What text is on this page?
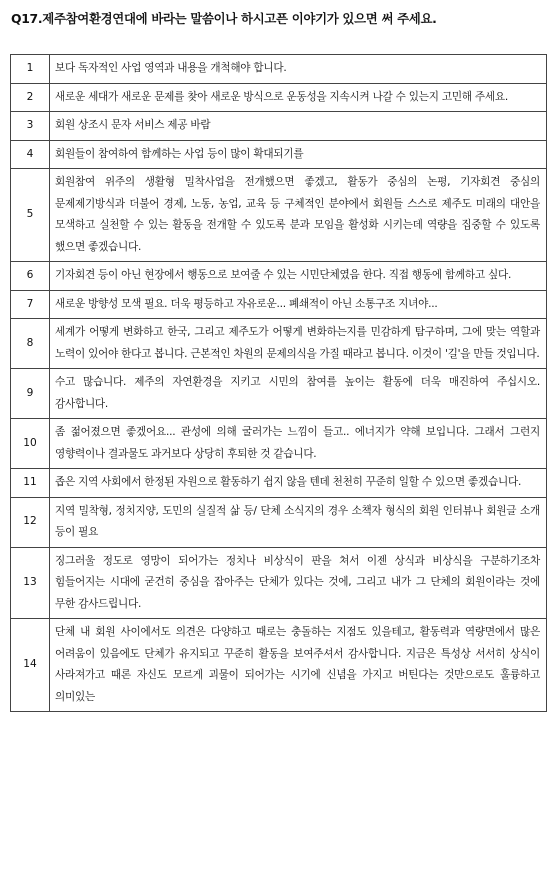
Q17.제주참여환경연대에 바라는 말씀이나 하시고픈 이야기가 있으면 써 주세요.
1	보다 독자적인 사업 영역과 내용을 개척해야 합니다.
2	새로운 세대가 새로운 문제를 찾아 새로운 방식으로 운동성을 지속시켜 나갈 수 있는지 고민해 주세요.
3	회원 상조시 문자 서비스 제공 바람
4	회원들이 참여하여 함께하는 사업 등이 많이 확대되기를
5	회원참여 위주의 생활형 밀착사업을 전개했으면 좋겠고, 활동가 중심의 논평, 기자회견 중심의 문제제기방식과 더불어 경제, 노동, 농업, 교육 등 구체적인 분야에서 회원들 스스로 제주도 미래의 대안을 모색하고 실천할 수 있는 활동을 전개할 수 있도록 분과 모임을 활성화 시키는데 역량을 집중할 수 있도록 했으면 좋겠습니다.
6	기자회견 등이 아닌 현장에서 행동으로 보여줄 수 있는 시민단체였음 한다. 직접 행동에 함께하고 싶다.
7	새로운 방향성 모색 필요. 더욱 평등하고 자유로운... 폐쇄적이 아닌 소통구조 지녀야...
8	세계가 어떻게 변화하고 한국, 그리고 제주도가 어떻게 변화하는지를 민감하게 탐구하며, 그에 맞는 역할과 노력이 있어야 한다고 봅니다. 근본적인 차원의 문제의식을 가질 때라고 봅니다. 이것이 '길'을 만들 것입니다.
9	수고 많습니다. 제주의 자연환경을 지키고 시민의 참여를 높이는 활동에 더욱 매진하여 주십시오. 감사합니다.
10	좀 젊어졌으면 좋겠어요... 관성에 의해 굴러가는 느낌이 들고.. 에너지가 약해 보입니다. 그래서 그런지 영향력이나 결과물도 과거보다 상당히 후퇴한 것 같습니다.
11	좁은 지역 사회에서 한정된 자원으로 활동하기 쉽지 않을 텐데 천천히 꾸준히 일할 수 있으면 좋겠습니다.
12	지역 밀착형, 정치지양, 도민의 실질적 삶 등/ 단체 소식지의 경우 소책자 형식의 회원 인터뷰나 회원글 소개 등이 필요
13	징그러울 정도로 영망이 되어가는 정치나 비상식이 판을 쳐서 이젠 상식과 비상식을 구분하기조차 힘들어지는 시대에 굳건히 중심을 잡아주는 단체가 있다는 것에, 그리고 내가 그 단체의 회원이라는 것에 무한 감사드립니다.
14	단체 내 회원 사이에서도 의견은 다양하고 때로는 충돌하는 지점도 있을테고, 활동력과 역량면에서 많은 어려움이 있음에도 단체가 유지되고 꾸준히 활동을 보여주셔서 감사합니다. 지금은 특성상 서서히 상식이 사라져가고 때론 자신도 모르게 괴물이 되어가는 시기에 신념을 가지고 버틴다는 것만으로도 훌륭하고 의미있는
